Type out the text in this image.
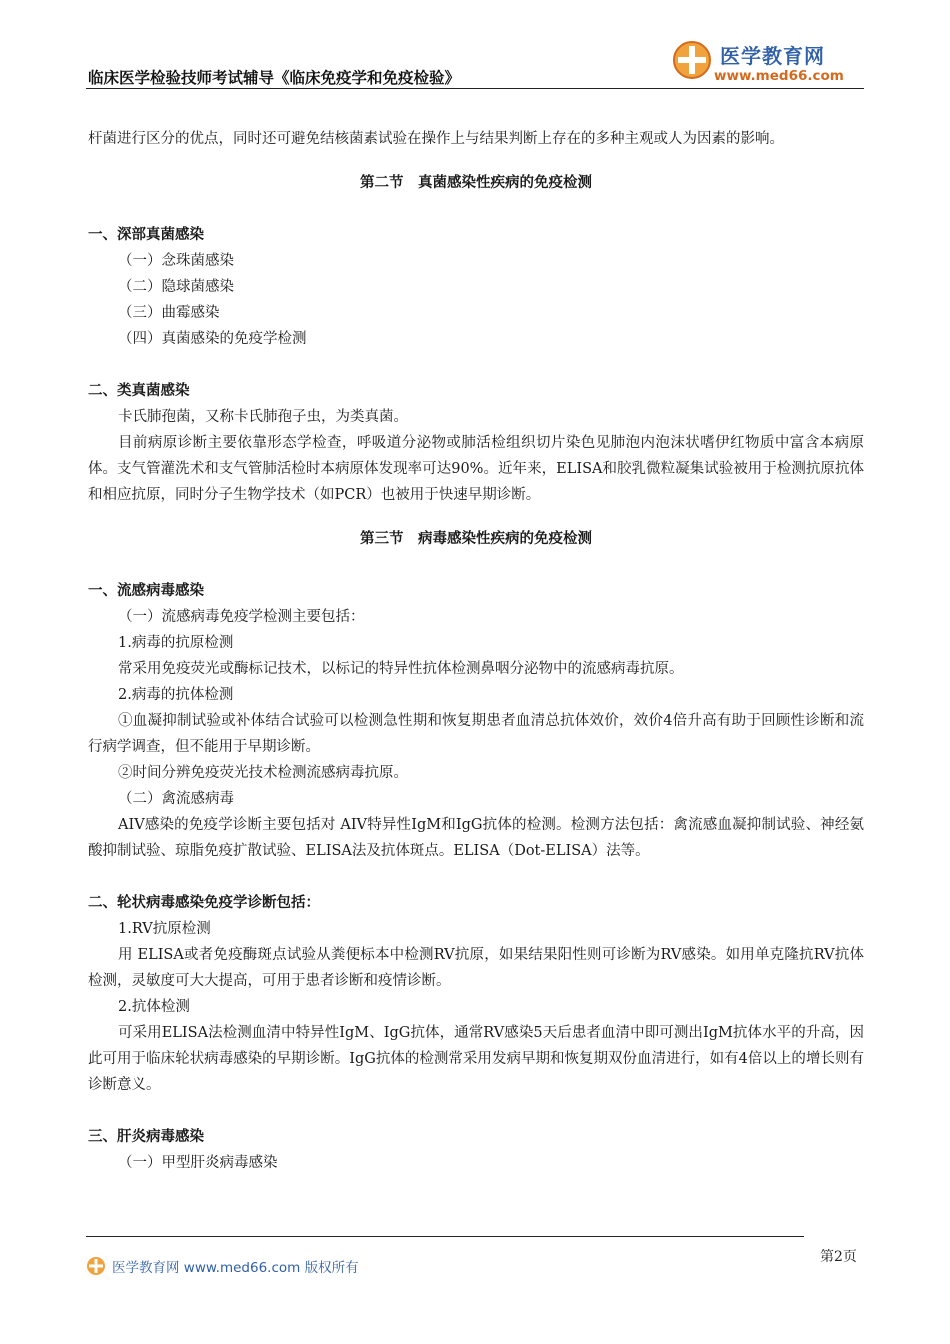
临床医学检验技师考试辅导《临床免疫学和免疫检验》
医学教育网
www.med66.com

杆菌进行区分的优点，同时还可避免结核菌素试验在操作上与结果判断上存在的多种主观或人为因素的影响。

第二节　真菌感染性疾病的免疫检测

一、深部真菌感染

（一）念珠菌感染

（二）隐球菌感染

（三）曲霉感染

（四）真菌感染的免疫学检测

二、类真菌感染

卡氏肺孢菌，又称卡氏肺孢子虫，为类真菌。

目前病原诊断主要依靠形态学检查，呼吸道分泌物或肺活检组织切片染色见肺泡内泡沫状嗜伊红物质中富含本病原体。支气管灌洗术和支气管肺活检时本病原体发现率可达90%。近年来，ELISA和胶乳微粒凝集试验被用于检测抗原抗体和相应抗原，同时分子生物学技术（如PCR）也被用于快速早期诊断。

第三节　病毒感染性疾病的免疫检测

一、流感病毒感染

（一）流感病毒免疫学检测主要包括：

1.病毒的抗原检测

常采用免疫荧光或酶标记技术，以标记的特异性抗体检测鼻咽分泌物中的流感病毒抗原。

2.病毒的抗体检测

①血凝抑制试验或补体结合试验可以检测急性期和恢复期患者血清总抗体效价，效价4倍升高有助于回顾性诊断和流行病学调查，但不能用于早期诊断。

②时间分辨免疫荧光技术检测流感病毒抗原。

（二）禽流感病毒

AIV感染的免疫学诊断主要包括对 AIV特异性IgM和IgG抗体的检测。检测方法包括：禽流感血凝抑制试验、神经氨酸抑制试验、琼脂免疫扩散试验、ELISA法及抗体斑点。ELISA（Dot-ELISA）法等。

二、轮状病毒感染免疫学诊断包括：

1.RV抗原检测

用 ELISA或者免疫酶斑点试验从粪便标本中检测RV抗原，如果结果阳性则可诊断为RV感染。如用单克隆抗RV抗体检测，灵敏度可大大提高，可用于患者诊断和疫情诊断。

2.抗体检测

可采用ELISA法检测血清中特异性IgM、IgG抗体，通常RV感染5天后患者血清中即可测出IgM抗体水平的升高，因此可用于临床轮状病毒感染的早期诊断。IgG抗体的检测常采用发病早期和恢复期双份血清进行，如有4倍以上的增长则有诊断意义。

三、肝炎病毒感染

（一）甲型肝炎病毒感染

医学教育网 www.med66.com 版权所有
第2页
